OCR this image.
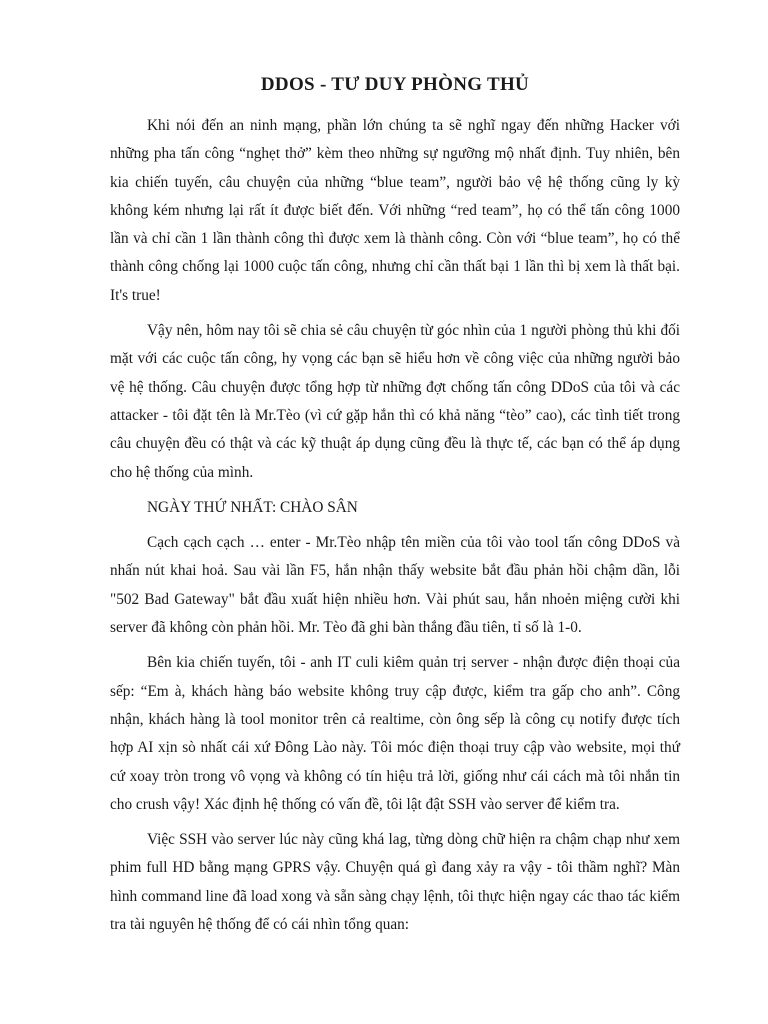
DDOS - TƯ DUY PHÒNG THỦ

Khi nói đến an ninh mạng, phần lớn chúng ta sẽ nghĩ ngay đến những Hacker với những pha tấn công “nghẹt thở” kèm theo những sự ngưỡng mộ nhất định. Tuy nhiên, bên kia chiến tuyến, câu chuyện của những “blue team”, người bảo vệ hệ thống cũng ly kỳ không kém nhưng lại rất ít được biết đến. Với những “red team”, họ có thể tấn công 1000 lần và chỉ cần 1 lần thành công thì được xem là thành công. Còn với “blue team”, họ có thể thành công chống lại 1000 cuộc tấn công, nhưng chỉ cần thất bại 1 lần thì bị xem là thất bại. It's true!

Vậy nên, hôm nay tôi sẽ chia sẻ câu chuyện từ góc nhìn của 1 người phòng thủ khi đối mặt với các cuộc tấn công, hy vọng các bạn sẽ hiểu hơn về công việc của những người bảo vệ hệ thống. Câu chuyện được tổng hợp từ những đợt chống tấn công DDoS của tôi và các attacker - tôi đặt tên là Mr.Tèo (vì cứ gặp hắn thì có khả năng “tèo” cao), các tình tiết trong câu chuyện đều có thật và các kỹ thuật áp dụng cũng đều là thực tế, các bạn có thể áp dụng cho hệ thống của mình.

NGÀY THỨ NHẤT: CHÀO SÂN

Cạch cạch cạch … enter - Mr.Tèo nhập tên miền của tôi vào tool tấn công DDoS và nhấn nút khai hoả. Sau vài lần F5, hắn nhận thấy website bắt đầu phản hồi chậm dần, lỗi "502 Bad Gateway" bắt đầu xuất hiện nhiều hơn. Vài phút sau, hắn nhoẻn miệng cười khi server đã không còn phản hồi. Mr. Tèo đã ghi bàn thắng đầu tiên, tỉ số là 1-0.

Bên kia chiến tuyến, tôi - anh IT culi kiêm quản trị server - nhận được điện thoại của sếp: “Em à, khách hàng báo website không truy cập được, kiểm tra gấp cho anh”. Công nhận, khách hàng là tool monitor trên cả realtime, còn ông sếp là công cụ notify được tích hợp AI xịn sò nhất cái xứ Đông Lào này. Tôi móc điện thoại truy cập vào website, mọi thứ cứ xoay tròn trong vô vọng và không có tín hiệu trả lời, giống như cái cách mà tôi nhắn tin cho crush vậy! Xác định hệ thống có vấn đề, tôi lật đật SSH vào server để kiểm tra.

Việc SSH vào server lúc này cũng khá lag, từng dòng chữ hiện ra chậm chạp như xem phim full HD bằng mạng GPRS vậy. Chuyện quá gì đang xảy ra vậy - tôi thầm nghĩ? Màn hình command line đã load xong và sẵn sàng chạy lệnh, tôi thực hiện ngay các thao tác kiểm tra tài nguyên hệ thống để có cái nhìn tổng quan:
